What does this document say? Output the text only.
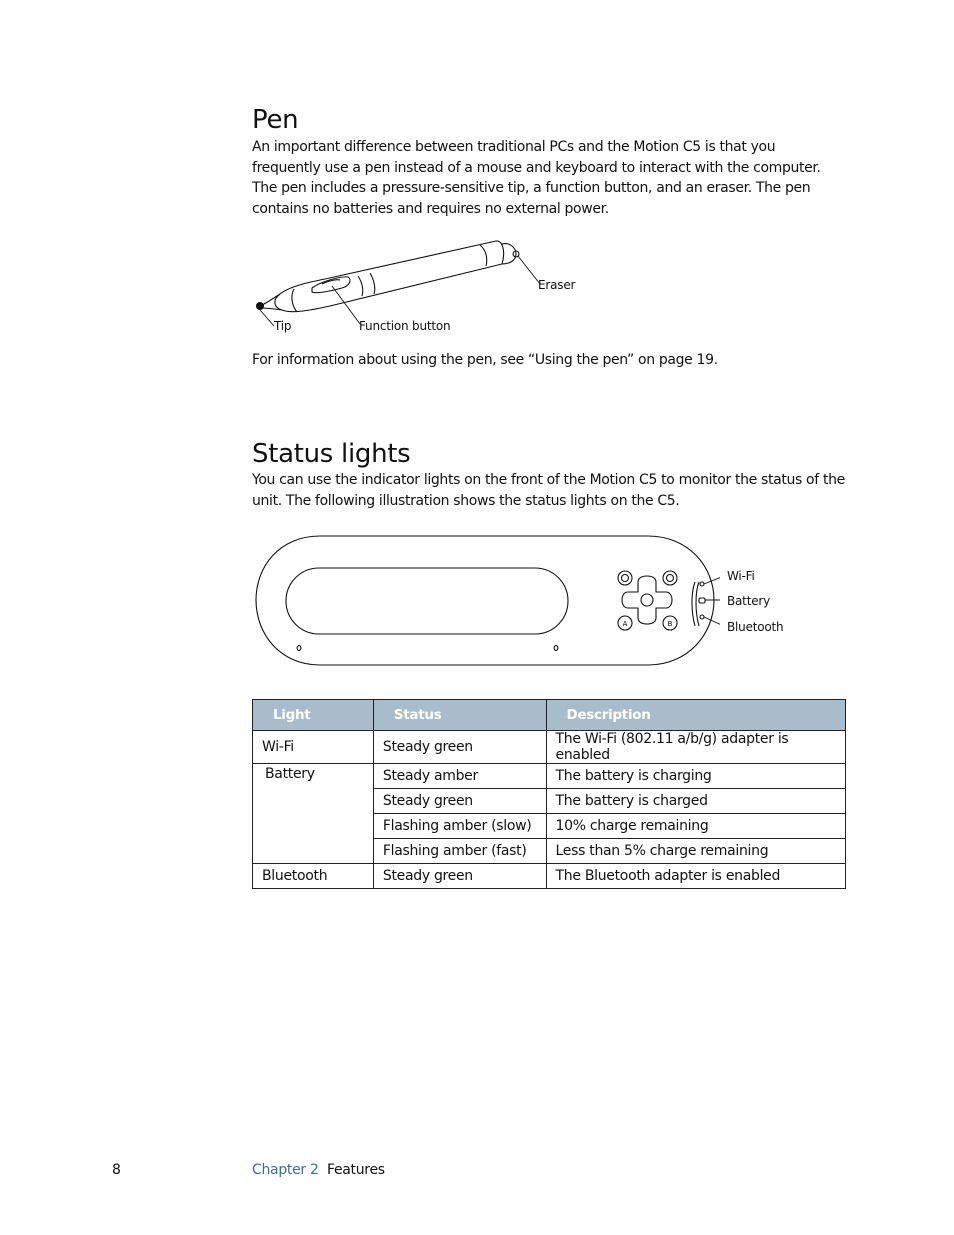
Pen

An important difference between traditional PCs and the Motion C5 is that you frequently use a pen instead of a mouse and keyboard to interact with the computer. The pen includes a pressure-sensitive tip, a function button, and an eraser. The pen contains no batteries and requires no external power.

Eraser
Tip	Function button

For information about using the pen, see “Using the pen” on page 19.

Status lights

You can use the indicator lights on the front of the Motion C5 to monitor the status of the unit. The following illustration shows the status lights on the C5.

A	B
Wi-Fi
Battery
Bluetooth
Light	Status	Description
Wi-Fi	Steady green	The Wi-Fi (802.11 a/b/g) adapter is enabled
Battery	Steady amber	The battery is charging
	Steady green	The battery is charged
	Flashing amber (slow)	10% charge remaining
	Flashing amber (fast)	Less than 5% charge remaining
Bluetooth	Steady green	The Bluetooth adapter is enabled
8	Chapter 2 Features
